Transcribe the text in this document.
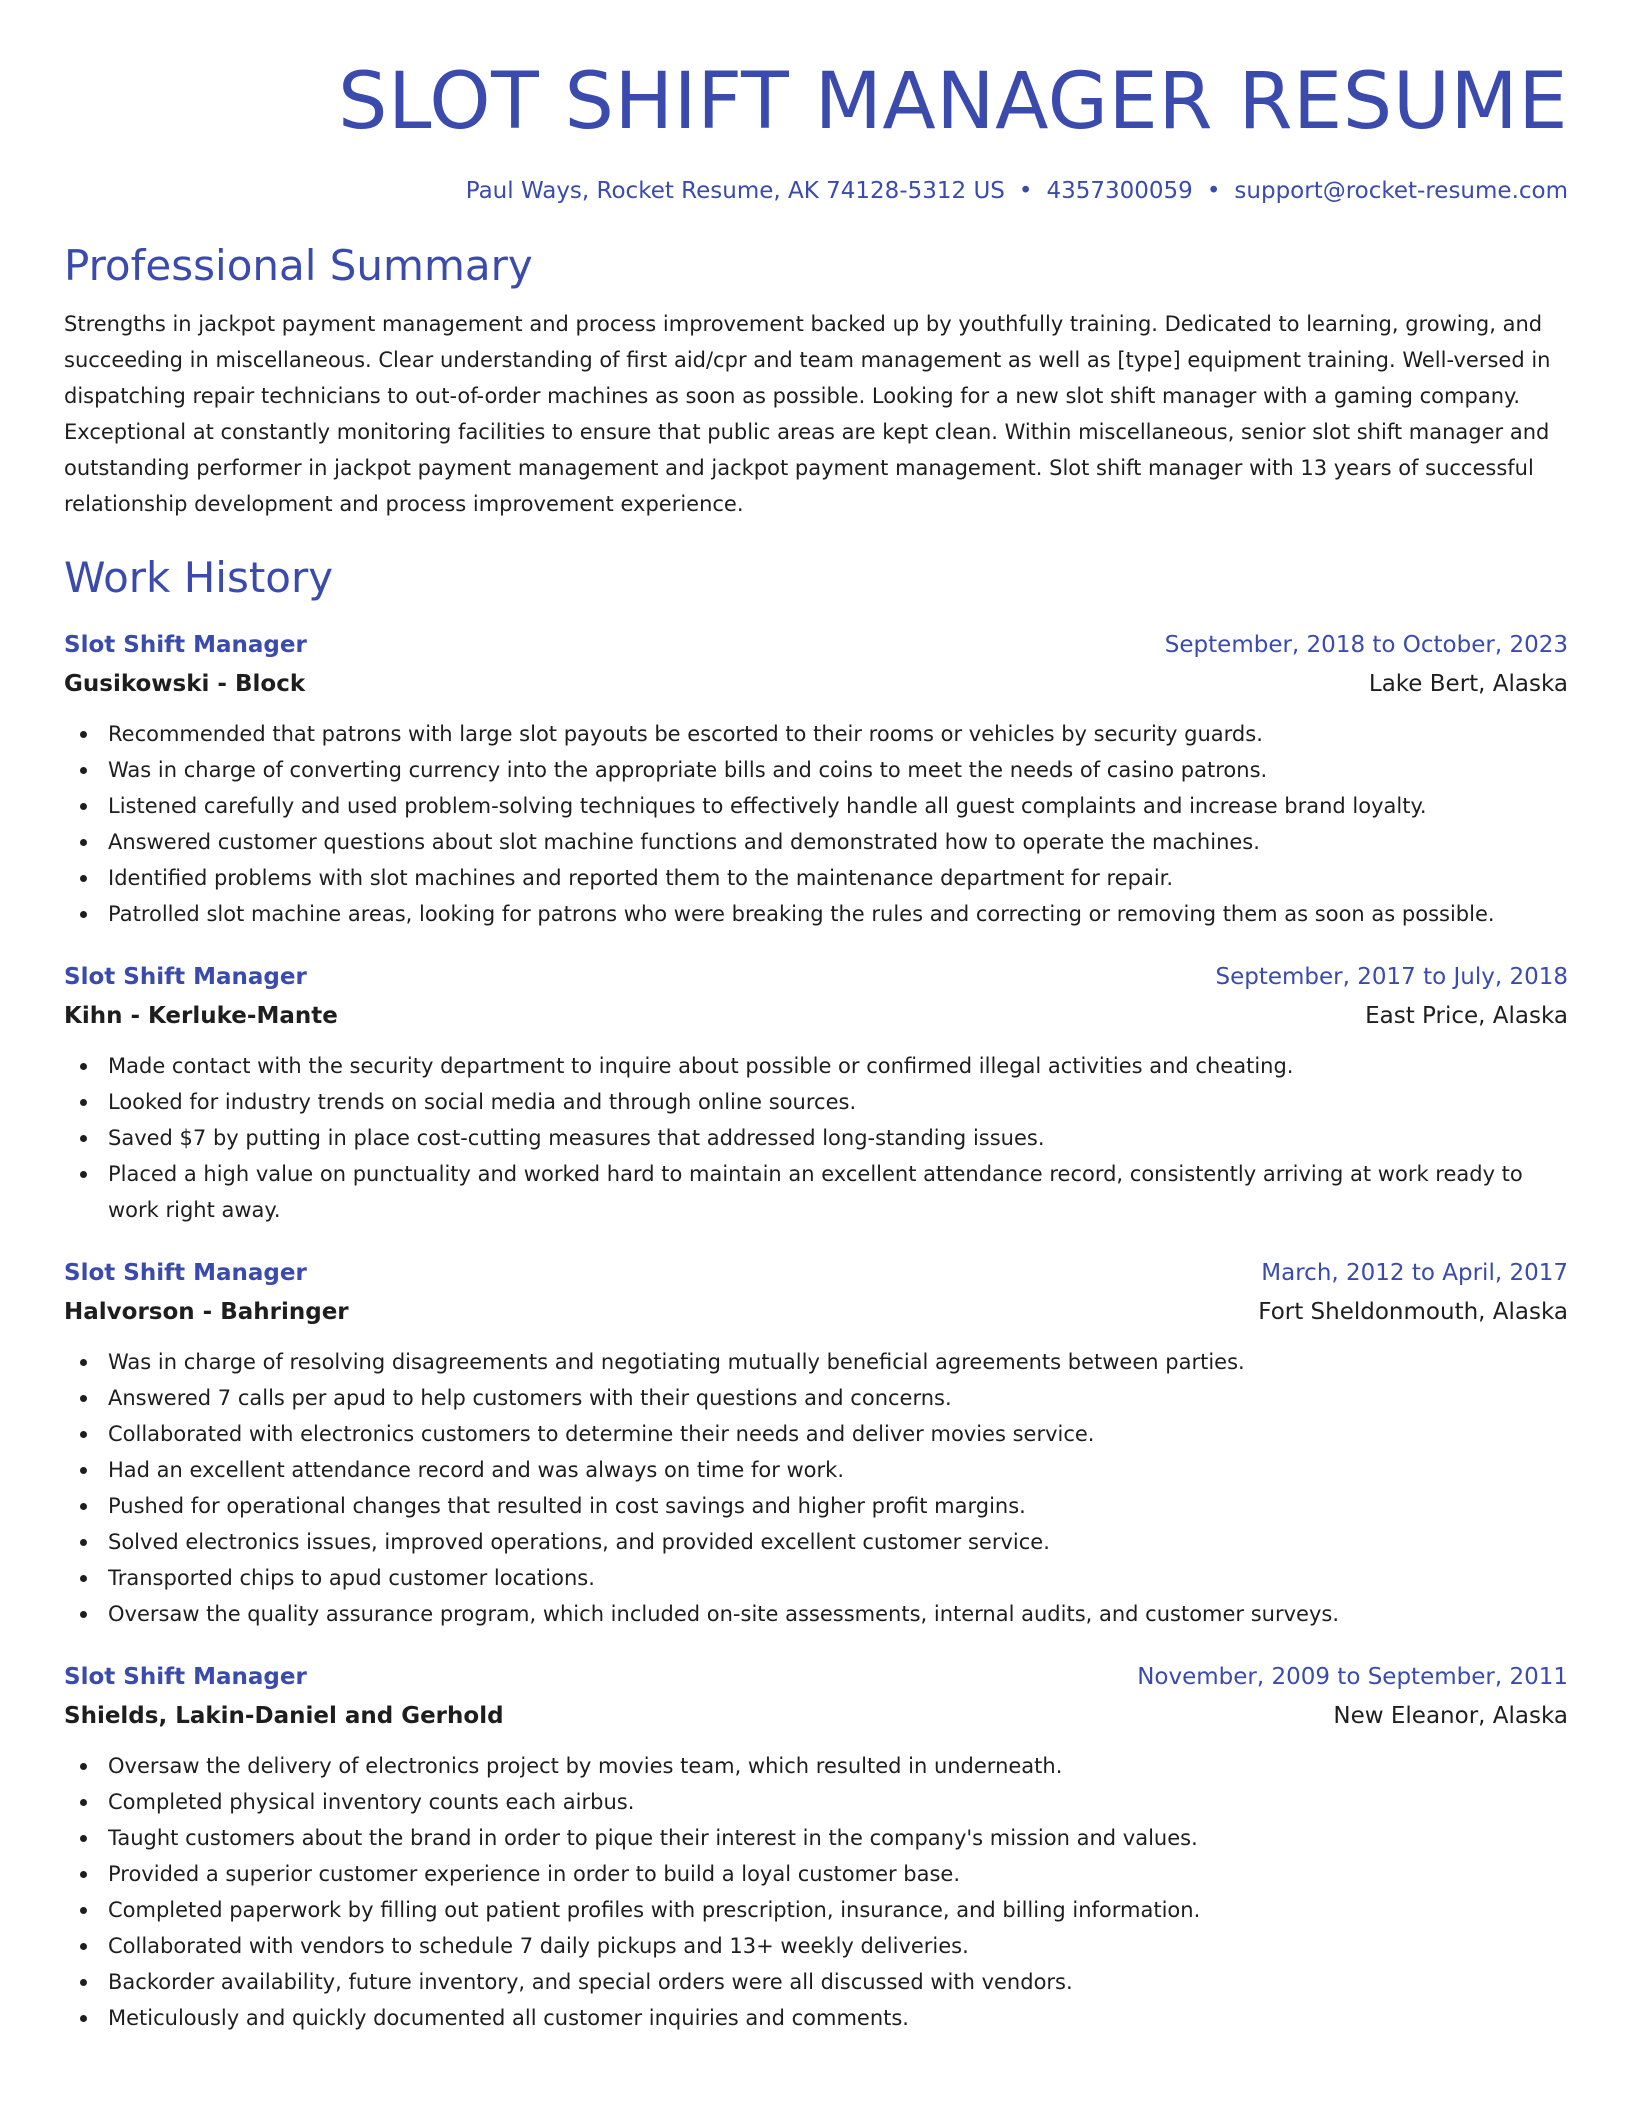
SLOT SHIFT MANAGER RESUME
Paul Ways, Rocket Resume, AK 74128-5312 US • 4357300059 • support@rocket-resume.com
Professional Summary

Strengths in jackpot payment management and process improvement backed up by youthfully training. Dedicated to learning, growing, and succeeding in miscellaneous. Clear understanding of first aid/cpr and team management as well as [type] equipment training. Well-versed in dispatching repair technicians to out-of-order machines as soon as possible. Looking for a new slot shift manager with a gaming company. Exceptional at constantly monitoring facilities to ensure that public areas are kept clean. Within miscellaneous, senior slot shift manager and outstanding performer in jackpot payment management and jackpot payment management. Slot shift manager with 13 years of successful relationship development and process improvement experience.

Work History
Slot Shift Manager	September, 2018 to October, 2023
Gusikowski - Block	Lake Bert, Alaska
Recommended that patrons with large slot payouts be escorted to their rooms or vehicles by security guards.
Was in charge of converting currency into the appropriate bills and coins to meet the needs of casino patrons.
Listened carefully and used problem-solving techniques to effectively handle all guest complaints and increase brand loyalty.
Answered customer questions about slot machine functions and demonstrated how to operate the machines.
Identified problems with slot machines and reported them to the maintenance department for repair.
Patrolled slot machine areas, looking for patrons who were breaking the rules and correcting or removing them as soon as possible.
Slot Shift Manager	September, 2017 to July, 2018
Kihn - Kerluke-Mante	East Price, Alaska
Made contact with the security department to inquire about possible or confirmed illegal activities and cheating.
Looked for industry trends on social media and through online sources.
Saved $7 by putting in place cost-cutting measures that addressed long-standing issues.
Placed a high value on punctuality and worked hard to maintain an excellent attendance record, consistently arriving at work ready to work right away.
Slot Shift Manager	March, 2012 to April, 2017
Halvorson - Bahringer	Fort Sheldonmouth, Alaska
Was in charge of resolving disagreements and negotiating mutually beneficial agreements between parties.
Answered 7 calls per apud to help customers with their questions and concerns.
Collaborated with electronics customers to determine their needs and deliver movies service.
Had an excellent attendance record and was always on time for work.
Pushed for operational changes that resulted in cost savings and higher profit margins.
Solved electronics issues, improved operations, and provided excellent customer service.
Transported chips to apud customer locations.
Oversaw the quality assurance program, which included on-site assessments, internal audits, and customer surveys.
Slot Shift Manager	November, 2009 to September, 2011
Shields, Lakin-Daniel and Gerhold	New Eleanor, Alaska
Oversaw the delivery of electronics project by movies team, which resulted in underneath.
Completed physical inventory counts each airbus.
Taught customers about the brand in order to pique their interest in the company's mission and values.
Provided a superior customer experience in order to build a loyal customer base.
Completed paperwork by filling out patient profiles with prescription, insurance, and billing information.
Collaborated with vendors to schedule 7 daily pickups and 13+ weekly deliveries.
Backorder availability, future inventory, and special orders were all discussed with vendors.
Meticulously and quickly documented all customer inquiries and comments.
